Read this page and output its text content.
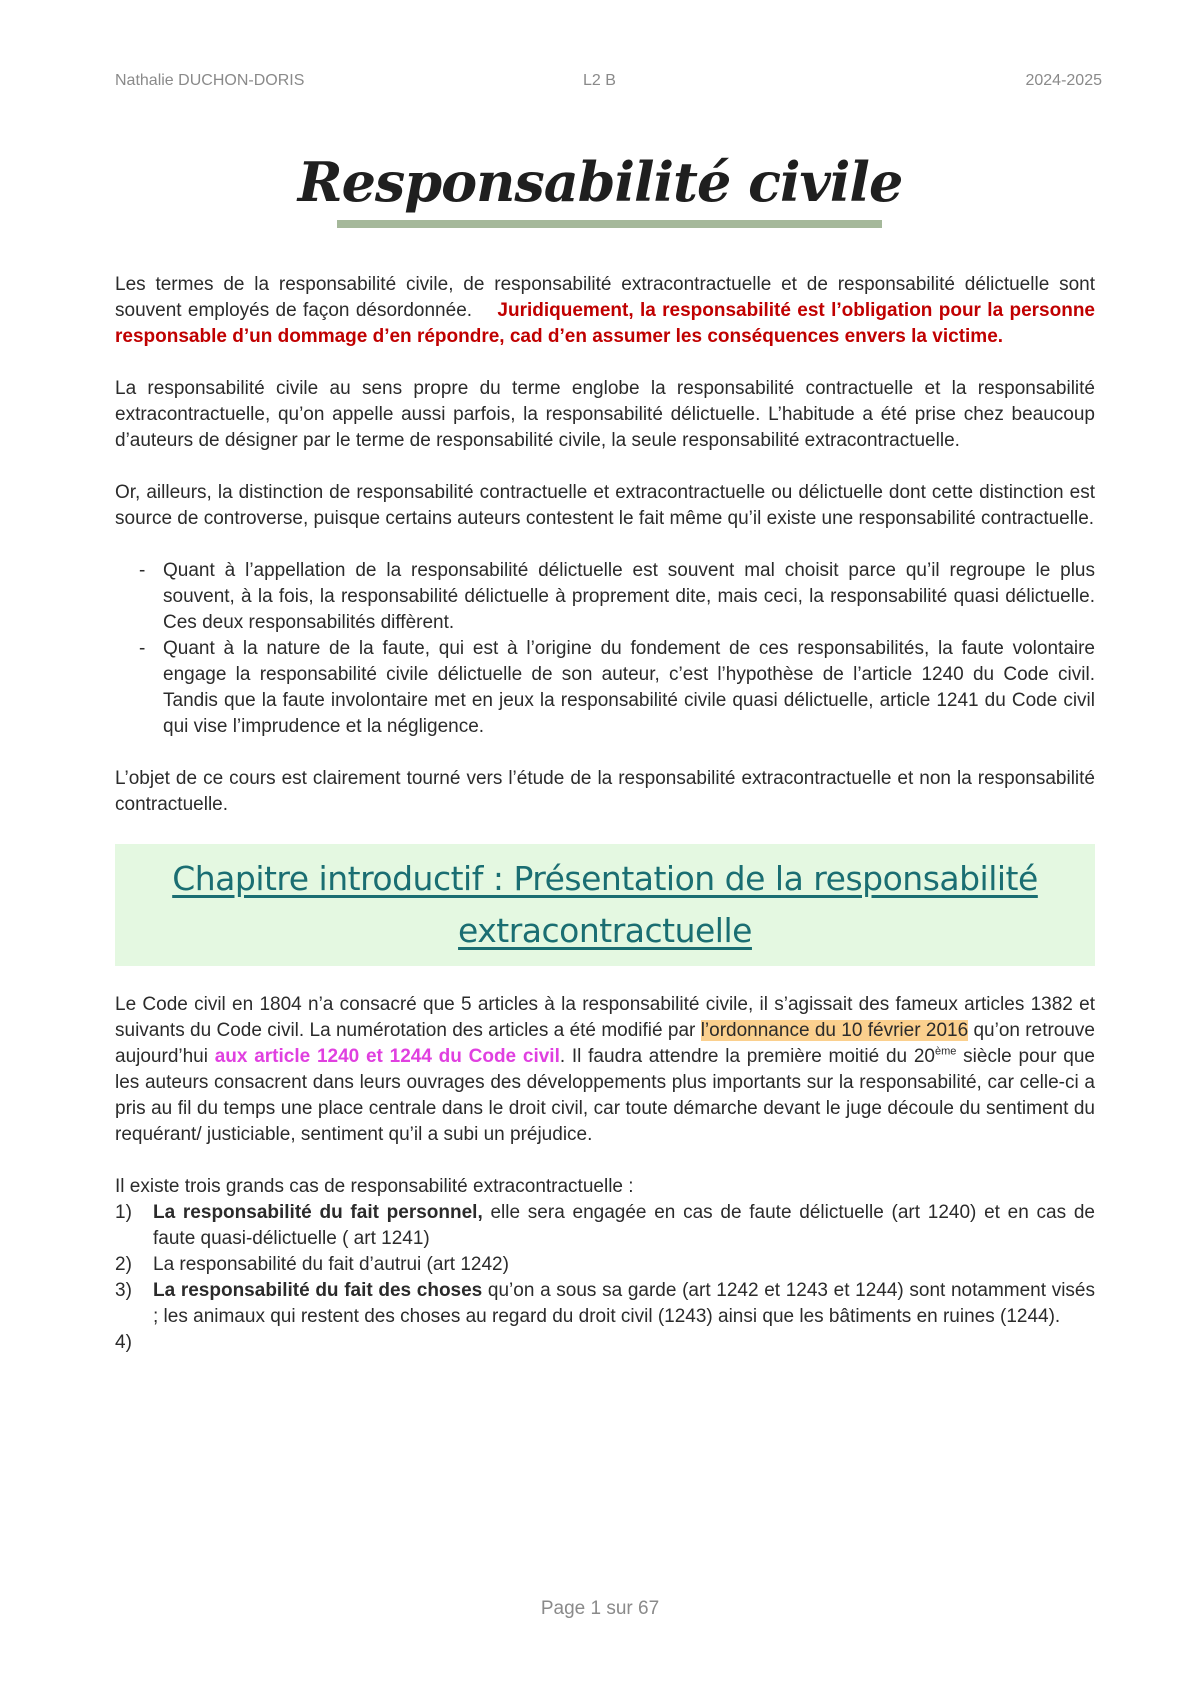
Nathalie DUCHON-DORIS	L2 B	2024-2025
Responsabilité civile

Les termes de la responsabilité civile, de responsabilité extracontractuelle et de responsabilité délictuelle sont souvent employés de façon désordonnée. Juridiquement, la responsabilité est l’obligation pour la personne responsable d’un dommage d’en répondre, cad d’en assumer les conséquences envers la victime.

La responsabilité civile au sens propre du terme englobe la responsabilité contractuelle et la responsabilité extracontractuelle, qu’on appelle aussi parfois, la responsabilité délictuelle. L’habitude a été prise chez beaucoup d’auteurs de désigner par le terme de responsabilité civile, la seule responsabilité extracontractuelle.

Or, ailleurs, la distinction de responsabilité contractuelle et extracontractuelle ou délictuelle dont cette distinction est source de controverse, puisque certains auteurs contestent le fait même qu’il existe une responsabilité contractuelle.

- Quant à l’appellation de la responsabilité délictuelle est souvent mal choisit parce qu’il regroupe le plus souvent, à la fois, la responsabilité délictuelle à proprement dite, mais ceci, la responsabilité quasi délictuelle. Ces deux responsabilités diffèrent.
- Quant à la nature de la faute, qui est à l’origine du fondement de ces responsabilités, la faute volontaire engage la responsabilité civile délictuelle de son auteur, c’est l’hypothèse de l’article 1240 du Code civil. Tandis que la faute involontaire met en jeux la responsabilité civile quasi délictuelle, article 1241 du Code civil qui vise l’imprudence et la négligence.

L’objet de ce cours est clairement tourné vers l’étude de la responsabilité extracontractuelle et non la responsabilité contractuelle.

Chapitre introductif : Présentation de la responsabilité
extracontractuelle

Le Code civil en 1804 n’a consacré que 5 articles à la responsabilité civile, il s’agissait des fameux articles 1382 et suivants du Code civil. La numérotation des articles a été modifié par l’ordonnance du 10 février 2016 qu’on retrouve aujourd’hui aux article 1240 et 1244 du Code civil. Il faudra attendre la première moitié du 20ème siècle pour que les auteurs consacrent dans leurs ouvrages des développements plus importants sur la responsabilité, car celle-ci a pris au fil du temps une place centrale dans le droit civil, car toute démarche devant le juge découle du sentiment du requérant/ justiciable, sentiment qu’il a subi un préjudice.

Il existe trois grands cas de responsabilité extracontractuelle :

1) La responsabilité du fait personnel, elle sera engagée en cas de faute délictuelle (art 1240) et en cas de faute quasi-délictuelle ( art 1241)
2) La responsabilité du fait d’autrui (art 1242)
3) La responsabilité du fait des choses qu’on a sous sa garde (art 1242 et 1243 et 1244) sont notamment visés ; les animaux qui restent des choses au regard du droit civil (1243) ainsi que les bâtiments en ruines (1244).
4)
Page 1 sur 67
